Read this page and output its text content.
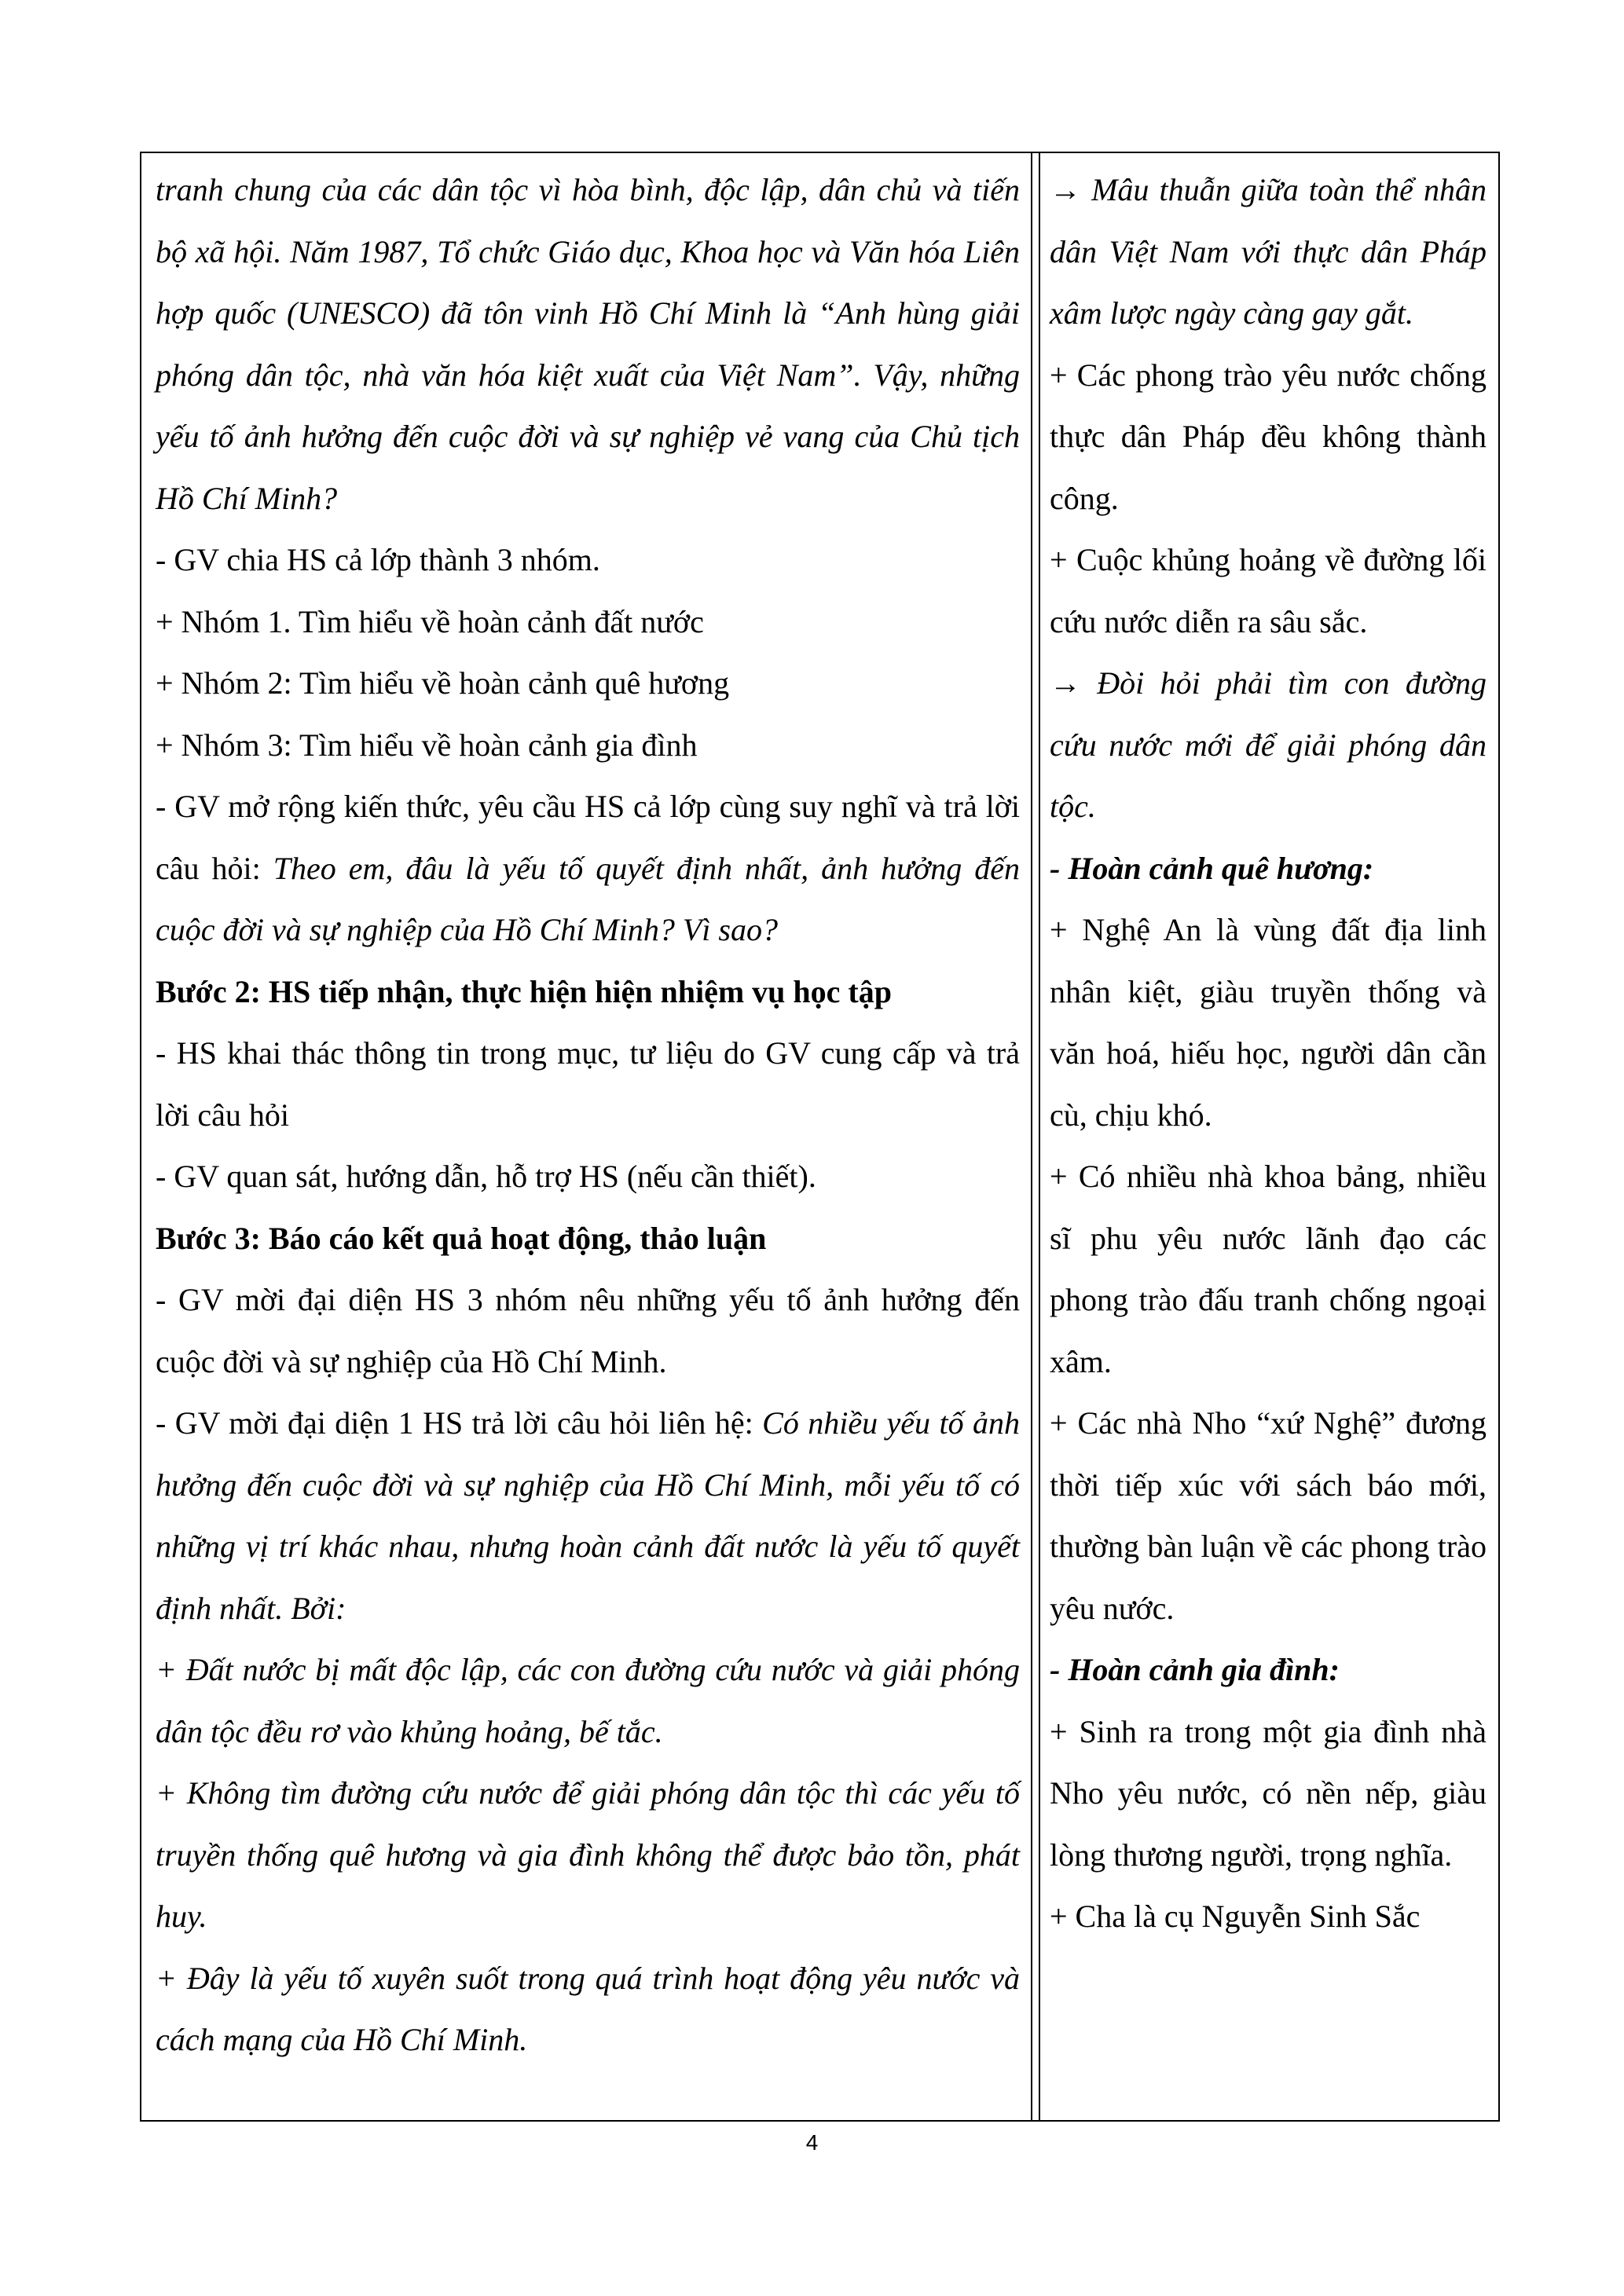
tranh chung của các dân tộc vì hòa bình, độc lập, dân chủ và tiến bộ xã hội. Năm 1987, Tổ chức Giáo dục, Khoa học và Văn hóa Liên hợp quốc (UNESCO) đã tôn vinh Hồ Chí Minh là “Anh hùng giải phóng dân tộc, nhà văn hóa kiệt xuất của Việt Nam”. Vậy, những yếu tố ảnh hưởng đến cuộc đời và sự nghiệp vẻ vang của Chủ tịch Hồ Chí Minh?

- GV chia HS cả lớp thành 3 nhóm.

+ Nhóm 1. Tìm hiểu về hoàn cảnh đất nước

+ Nhóm 2: Tìm hiểu về hoàn cảnh quê hương

+ Nhóm 3: Tìm hiểu về hoàn cảnh gia đình

- GV mở rộng kiến thức, yêu cầu HS cả lớp cùng suy nghĩ và trả lời câu hỏi: Theo em, đâu là yếu tố quyết định nhất, ảnh hưởng đến cuộc đời và sự nghiệp của Hồ Chí Minh? Vì sao?

Bước 2: HS tiếp nhận, thực hiện hiện nhiệm vụ học tập

- HS khai thác thông tin trong mục, tư liệu do GV cung cấp và trả lời câu hỏi

- GV quan sát, hướng dẫn, hỗ trợ HS (nếu cần thiết).

Bước 3: Báo cáo kết quả hoạt động, thảo luận

- GV mời đại diện HS 3 nhóm nêu những yếu tố ảnh hưởng đến cuộc đời và sự nghiệp của Hồ Chí Minh.

- GV mời đại diện 1 HS trả lời câu hỏi liên hệ: Có nhiều yếu tố ảnh hưởng đến cuộc đời và sự nghiệp của Hồ Chí Minh, mỗi yếu tố có những vị trí khác nhau, nhưng hoàn cảnh đất nước là yếu tố quyết định nhất. Bởi:

+ Đất nước bị mất độc lập, các con đường cứu nước và giải phóng dân tộc đều rơ vào khủng hoảng, bế tắc.

+ Không tìm đường cứu nước để giải phóng dân tộc thì các yếu tố truyền thống quê hương và gia đình không thể được bảo tồn, phát huy.

+ Đây là yếu tố xuyên suốt trong quá trình hoạt động yêu nước và cách mạng của Hồ Chí Minh.

→ Mâu thuẫn giữa toàn thể nhân dân Việt Nam với thực dân Pháp xâm lược ngày càng gay gắt.

+ Các phong trào yêu nước chống thực dân Pháp đều không thành công.

+ Cuộc khủng hoảng về đường lối cứu nước diễn ra sâu sắc.

→ Đòi hỏi phải tìm con đường cứu nước mới để giải phóng dân tộc.

- Hoàn cảnh quê hương:

+ Nghệ An là vùng đất địa linh nhân kiệt, giàu truyền thống và văn hoá, hiếu học, người dân cần cù, chịu khó.

+ Có nhiều nhà khoa bảng, nhiều sĩ phu yêu nước lãnh đạo các phong trào đấu tranh chống ngoại xâm.

+ Các nhà Nho “xứ Nghệ” đương thời tiếp xúc với sách báo mới, thường bàn luận về các phong trào yêu nước.

- Hoàn cảnh gia đình:

+ Sinh ra trong một gia đình nhà Nho yêu nước, có nền nếp, giàu lòng thương người, trọng nghĩa.

+ Cha là cụ Nguyễn Sinh Sắc

4
